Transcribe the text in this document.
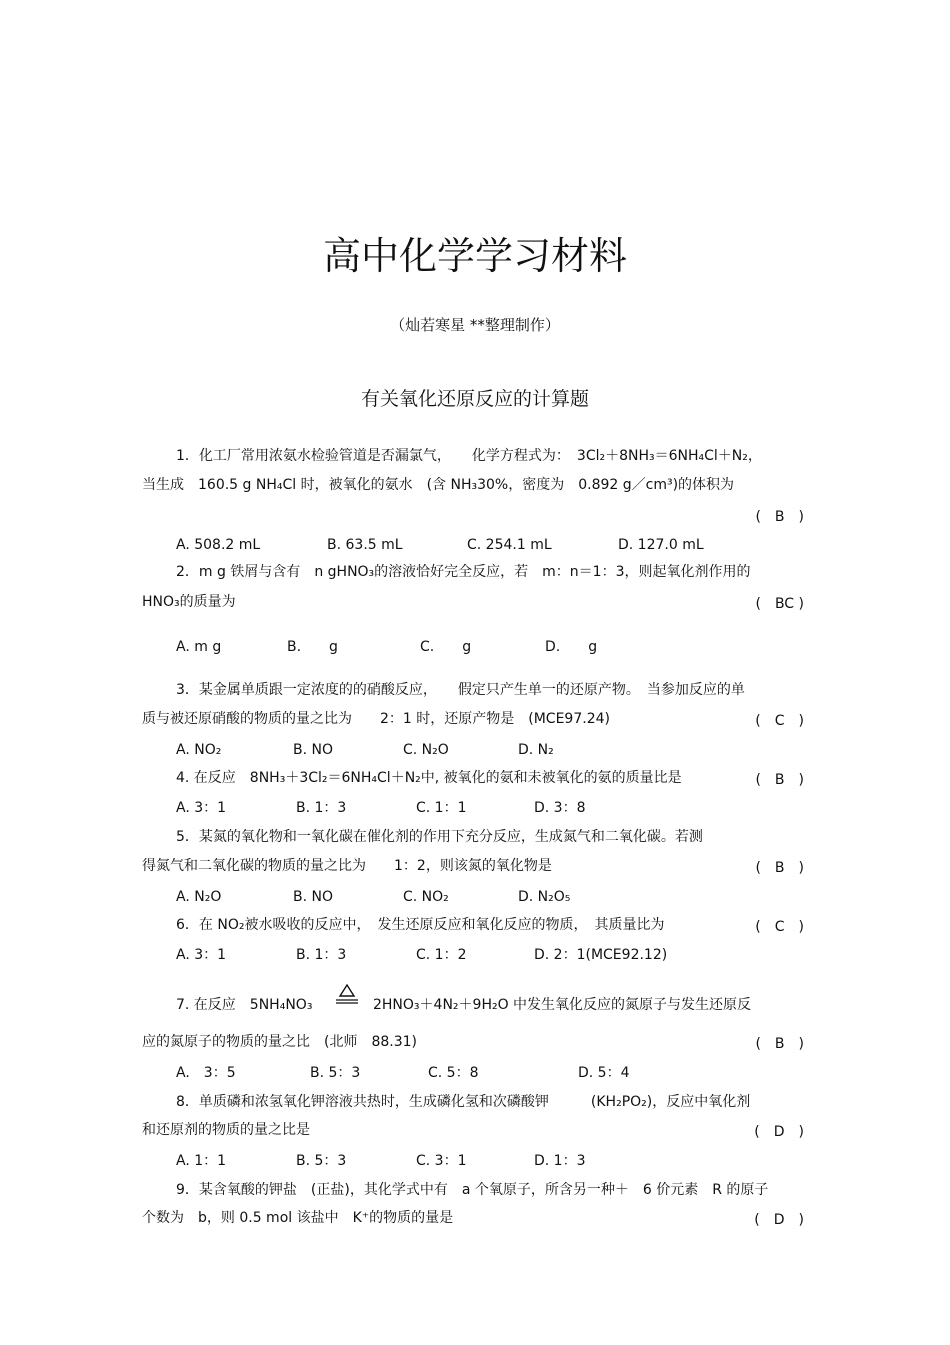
高中化学学习材料
（灿若寒星 **整理制作）
有关氧化还原反应的计算题
1．化工厂常用浓氨水检验管道是否漏氯气，　　化学方程式为：　3Cl₂＋8NH₃＝6NH₄Cl＋N₂，
当生成　160.5 g NH₄Cl 时，被氧化的氨水　(含 NH₃30%，密度为　0.892 g／cm³)的体积为
(　B　)
A. 508.2 mL	B. 63.5 mL	C. 254.1 mL	D. 127.0 mL
2．m g 铁屑与含有　n gHNO₃的溶液恰好完全反应，若　m：n＝1：3，则起氧化剂作用的
HNO₃的质量为	(　BC )
A. m g	B.　　g	C.　　g	D.　　g
3．某金属单质跟一定浓度的的硝酸反应，　　假定只产生单一的还原产物。　当参加反应的单
质与被还原硝酸的物质的量之比为　　2：1 时，还原产物是　(MCE97.24)	(　C　)
A. NO₂	B. NO	C. N₂O	D. N₂
4. 在反应　8NH₃＋3Cl₂＝6NH₄Cl＋N₂中, 被氧化的氨和未被氧化的氨的质量比是	(　B　)
A. 3：1	B. 1：3	C. 1：1	D. 3：8
5．某氮的氧化物和一氧化碳在催化剂的作用下充分反应，生成氮气和二氧化碳。若测
得氮气和二氧化碳的物质的量之比为　　1：2，则该氮的氧化物是	(　B　)
A. N₂O	B. NO	C. NO₂	D. N₂O₅
6．在 NO₂被水吸收的反应中，　发生还原反应和氧化反应的物质，　其质量比为	(　C　)
A. 3：1	B. 1：3	C. 1：2	D. 2：1(MCE92.12)
7. 在反应　5NH₄NO₃	2HNO₃＋4N₂＋9H₂O 中发生氧化反应的氮原子与发生还原反
应的氮原子的物质的量之比　(北师　88.31)	(　B　)
A.　3：5	B. 5：3	C. 5：8	D. 5：4
8．单质磷和浓氢氧化钾溶液共热时，生成磷化氢和次磷酸钾　　　(KH₂PO₂)，反应中氧化剂
和还原剂的物质的量之比是	(　D　)
A. 1：1	B. 5：3	C. 3：1	D. 1：3
9．某含氧酸的钾盐　(正盐)，其化学式中有　a 个氧原子，所含另一种＋　6 价元素　R 的原子
个数为　b，则 0.5 mol 该盐中　K⁺的物质的量是	(　D　)
